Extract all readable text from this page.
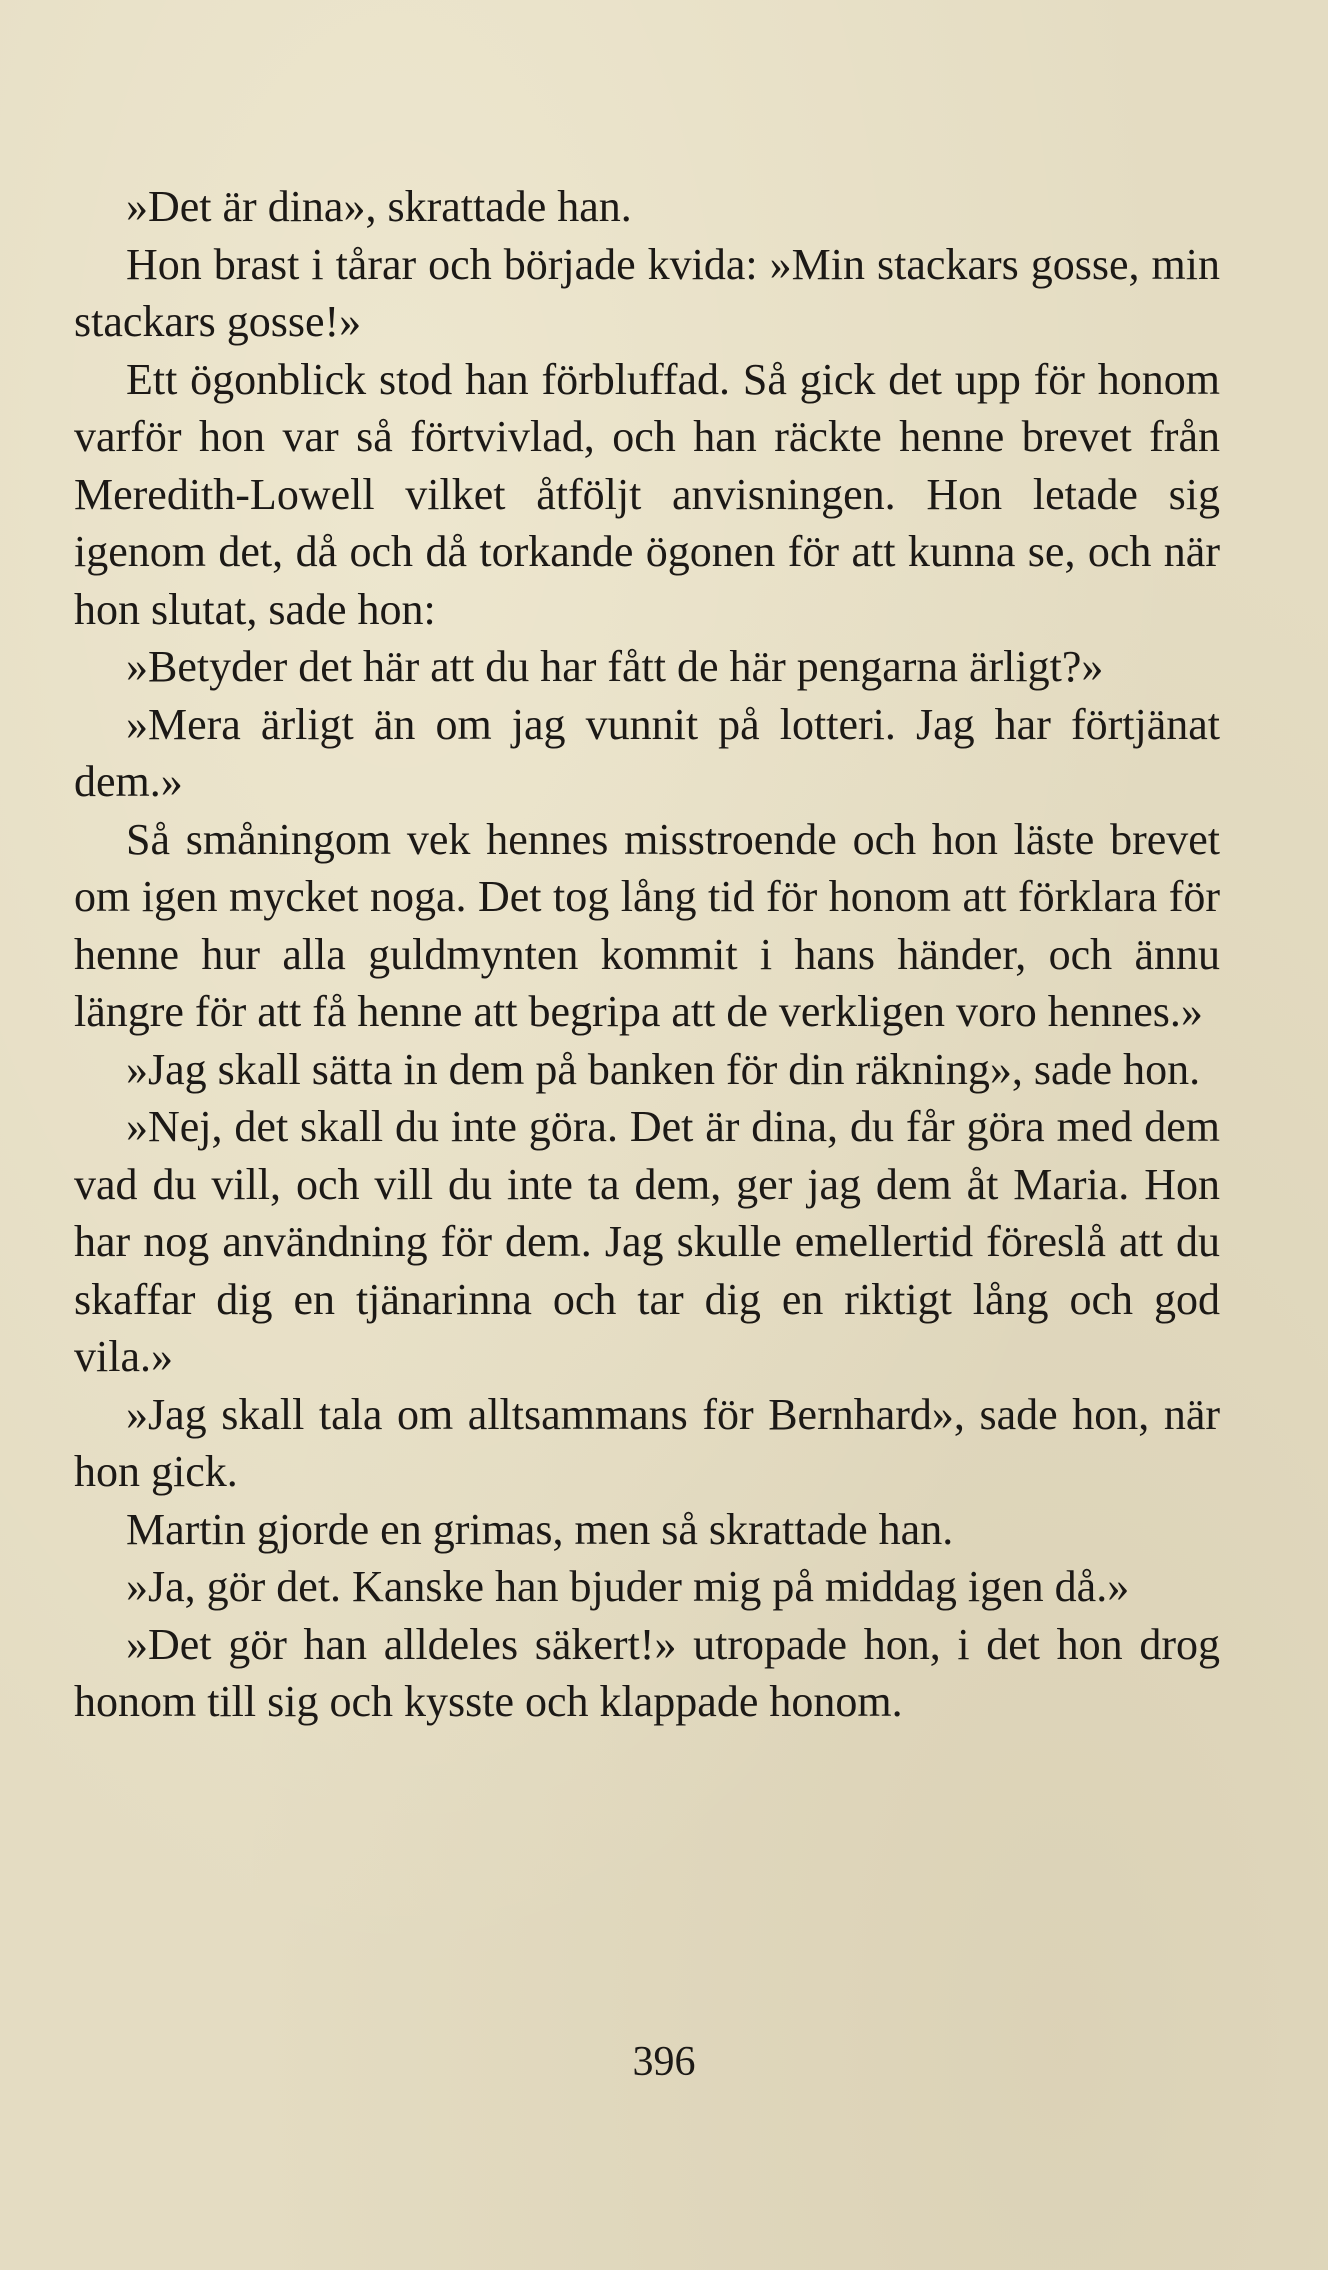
»Det är dina», skrattade han.

Hon brast i tårar och började kvida: »Min stackars gosse, min stackars gosse!»

Ett ögonblick stod han förbluffad. Så gick det upp för honom varför hon var så förtvivlad, och han räckte henne brevet från Meredith-Lowell vilket åtföljt anvisningen. Hon letade sig igenom det, då och då torkande ögonen för att kunna se, och när hon slutat, sade hon:

»Betyder det här att du har fått de här pengarna ärligt?»

»Mera ärligt än om jag vunnit på lotteri. Jag har förtjänat dem.»

Så småningom vek hennes misstroende och hon läste brevet om igen mycket noga. Det tog lång tid för honom att förklara för henne hur alla guldmynten kommit i hans händer, och ännu längre för att få henne att begripa att de verkligen voro hennes.»

»Jag skall sätta in dem på banken för din räkning», sade hon.

»Nej, det skall du inte göra. Det är dina, du får göra med dem vad du vill, och vill du inte ta dem, ger jag dem åt Maria. Hon har nog användning för dem. Jag skulle emellertid föreslå att du skaffar dig en tjänarinna och tar dig en riktigt lång och god vila.»

»Jag skall tala om alltsammans för Bernhard», sade hon, när hon gick.

Martin gjorde en grimas, men så skrattade han.

»Ja, gör det. Kanske han bjuder mig på middag igen då.»

»Det gör han alldeles säkert!» utropade hon, i det hon drog honom till sig och kysste och klappade honom.

396
